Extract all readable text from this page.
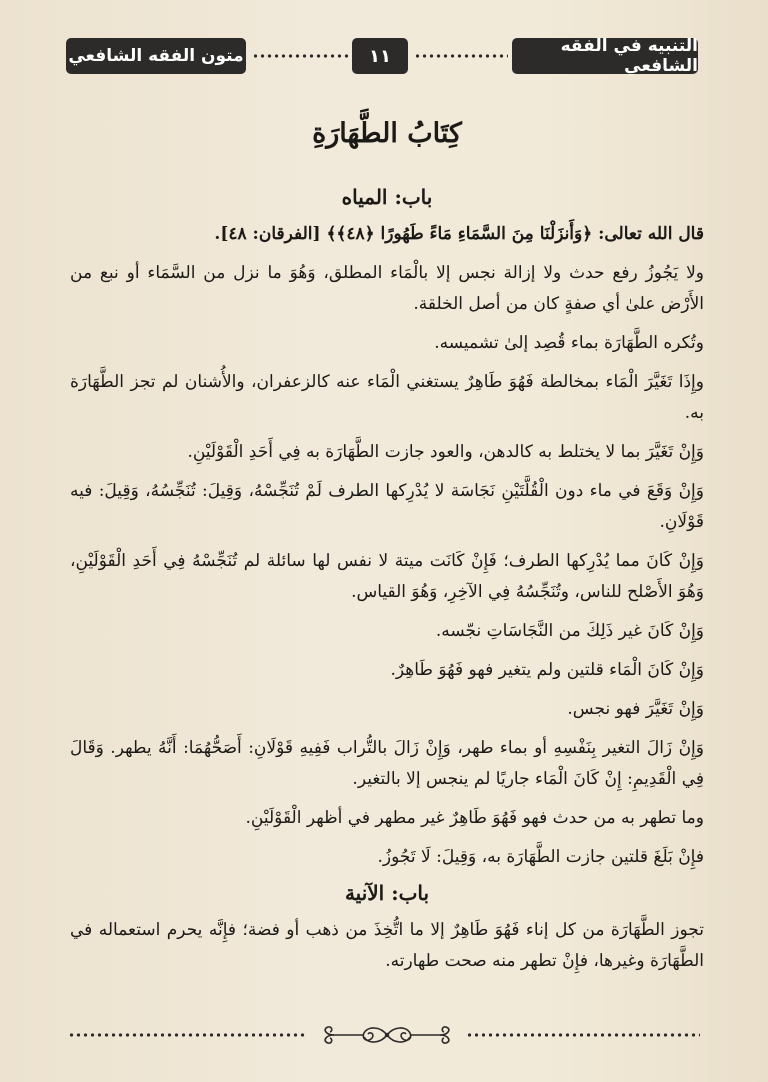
متون الفقه الشافعي	١١	التنبيه في الفقه الشافعي
كِتَابُ الطَّهَارَةِ
باب: المياه

قال الله تعالى: ﴿وَأَنزَلْنَا مِنَ السَّمَاءِ مَاءً طَهُورًا ﴿٤٨﴾﴾ [الفرقان: ٤٨].

ولا يَجُوزُ رفع حدث ولا إزالة نجس إلا بالْمَاء المطلق، وَهُوَ ما نزل من السَّمَاء أو نبع من الأَرْض علىٰ أي صفةٍ كان من أصل الخلقة.

وتُكره الطَّهَارَة بماء قُصِد إلىٰ تشميسه.

وإِذَا تَغَيَّرَ الْمَاء بمخالطة فَهُوَ طَاهِرٌ يستغني الْمَاء عنه كالزعفران، والأُشنان لم تجز الطَّهَارَة به.

وَإِنْ تَغَيَّرَ بما لا يختلط به كالدهن، والعود جازت الطَّهَارَة به فِي أَحَدِ الْقَوْلَيْنِ.

وَإِنْ وَقَعَ في ماء دون الْقُلَّتَيْنِ نَجَاسَة لا يُدْرِكها الطرف لَمْ تُنَجِّسْهُ، وَقِيلَ: تُنَجِّسُهُ، وَقِيلَ: فيه قَوْلَانِ.

وَإِنْ كَانَ مما يُدْرِكها الطرف؛ فَإِنْ كَانَت ميتة لا نفس لها سائلة لم تُنَجِّسْهُ فِي أَحَدِ الْقَوْلَيْنِ، وَهُوَ الأَصْلح للناس، وتُنَجِّسُهُ فِي الآخِرِ، وَهُوَ القياس.

وَإِنْ كَانَ غير ذَلِكَ من النَّجَاسَاتِ نجّسه.

وَإِنْ كَانَ الْمَاء قلتين ولم يتغير فهو فَهُوَ طَاهِرٌ.

وَإِنْ تَغَيَّرَ فهو نجس.

وَإِنْ زَالَ التغير بِنَفْسِهِ أو بماء طهر، وَإِنْ زَالَ بالتُّراب فَفِيهِ قَوْلَانِ: أَصَحُّهُمَا: أَنَّهُ يطهر. وَقَالَ فِي الْقَدِيمِ: إِنْ كَانَ الْمَاء جاريًا لم ينجس إلا بالتغير.

وما تطهر به من حدث فهو فَهُوَ طَاهِرٌ غير مطهر في أظهر الْقَوْلَيْنِ.

فإِنْ بَلَغَ قلتين جازت الطَّهَارَة به، وَقِيلَ: لَا تَجُوزُ.

باب: الآنية

تجوز الطَّهَارَة من كل إناء فَهُوَ طَاهِرٌ إلا ما اتُّخِذَ من ذهب أو فضة؛ فإِنَّه يحرم استعماله في الطَّهَارَة وغيرها، فإِنْ تطهر منه صحت طهارته.
